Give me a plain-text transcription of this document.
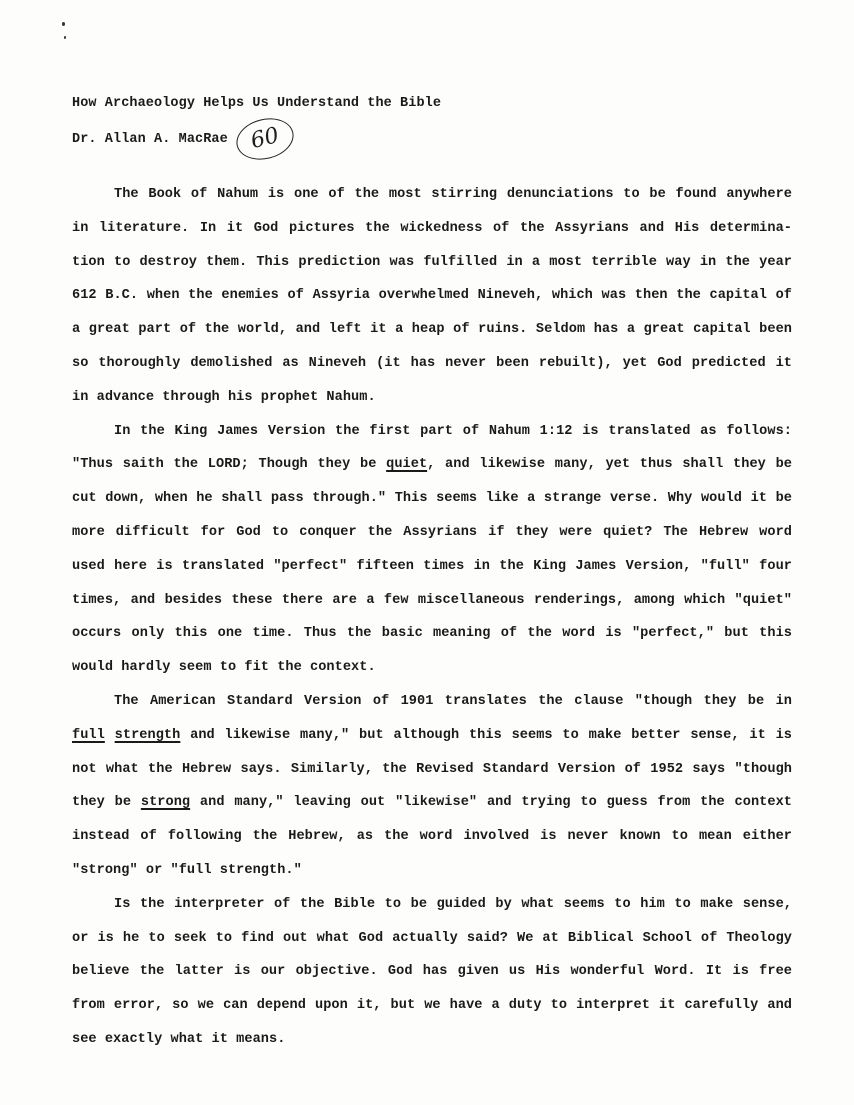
How Archaeology Helps Us Understand the Bible
Dr. Allan A. MacRae 60

The Book of Nahum is one of the most stirring denunciations to be found anywhere in literature. In it God pictures the wickedness of the Assyrians and His determina-tion to destroy them. This prediction was fulfilled in a most terrible way in the year 612 B.C. when the enemies of Assyria overwhelmed Nineveh, which was then the capital of a great part of the world, and left it a heap of ruins. Seldom has a great capital been so thoroughly demolished as Nineveh (it has never been rebuilt), yet God predicted it in advance through his prophet Nahum.

In the King James Version the first part of Nahum 1:12 is translated as follows: "Thus saith the LORD; Though they be quiet, and likewise many, yet thus shall they be cut down, when he shall pass through." This seems like a strange verse. Why would it be more difficult for God to conquer the Assyrians if they were quiet? The Hebrew word used here is translated "perfect" fifteen times in the King James Version, "full" four times, and besides these there are a few miscellaneous renderings, among which "quiet" occurs only this one time. Thus the basic meaning of the word is "perfect," but this would hardly seem to fit the context.

The American Standard Version of 1901 translates the clause "though they be in full strength and likewise many," but although this seems to make better sense, it is not what the Hebrew says. Similarly, the Revised Standard Version of 1952 says "though they be strong and many," leaving out "likewise" and trying to guess from the context instead of following the Hebrew, as the word involved is never known to mean either "strong" or "full strength."

Is the interpreter of the Bible to be guided by what seems to him to make sense, or is he to seek to find out what God actually said? We at Biblical School of Theology believe the latter is our objective. God has given us His wonderful Word. It is free from error, so we can depend upon it, but we have a duty to interpret it carefully and see exactly what it means.
